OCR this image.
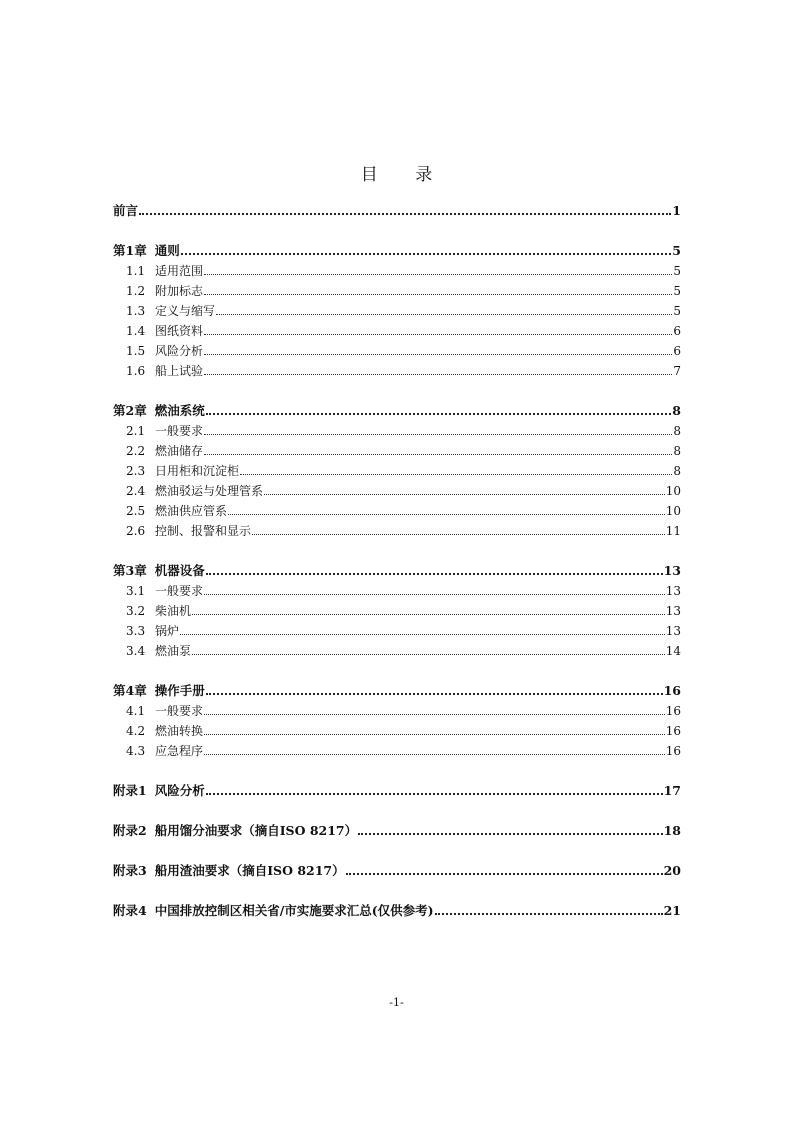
目 录
前言	1
第1章 通则	5
1.1 适用范围	5
1.2 附加标志	5
1.3 定义与缩写	5
1.4 图纸资料	6
1.5 风险分析	6
1.6 船上试验	7
第2章 燃油系统	8
2.1 一般要求	8
2.2 燃油储存	8
2.3 日用柜和沉淀柜	8
2.4 燃油驳运与处理管系	10
2.5 燃油供应管系	10
2.6 控制、报警和显示	11
第3章 机器设备	13
3.1 一般要求	13
3.2 柴油机	13
3.3 锅炉	13
3.4 燃油泵	14
第4章 操作手册	16
4.1 一般要求	16
4.2 燃油转换	16
4.3 应急程序	16
附录1 风险分析	17
附录2 船用馏分油要求（摘自ISO 8217）	18
附录3 船用渣油要求（摘自ISO 8217）	20
附录4 中国排放控制区相关省/市实施要求汇总(仅供参考)	21
-1-
